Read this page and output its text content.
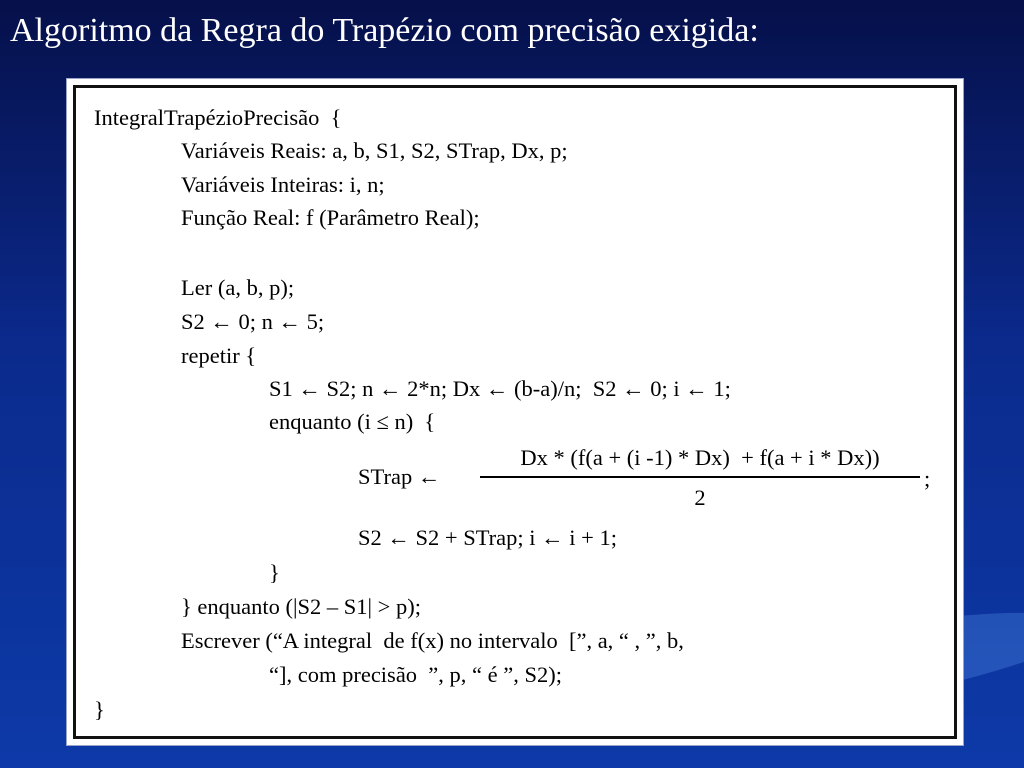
Algoritmo da Regra do Trapézio com precisão exigida:
IntegralTrapézioPrecisão  {
Variáveis Reais: a, b, S1, S2, STrap, Dx, p;
Variáveis Inteiras: i, n;
Função Real: f (Parâmetro Real);
Ler (a, b, p);
S2 ← 0; n ← 5;
repetir {
S1 ← S2; n ← 2*n; Dx ← (b-a)/n;  S2 ← 0; i ← 1;
enquanto (i ≤ n)  {
STrap ←
Dx * (f(a + (i -1) * Dx)  + f(a + i * Dx))
2
;
S2 ← S2 + STrap; i ← i + 1;
}
} enquanto (|S2 – S1| > p);
Escrever (“A integral  de f(x) no intervalo  [”, a, “ , ”, b,
“], com precisão  ”, p, “ é ”, S2);
}
